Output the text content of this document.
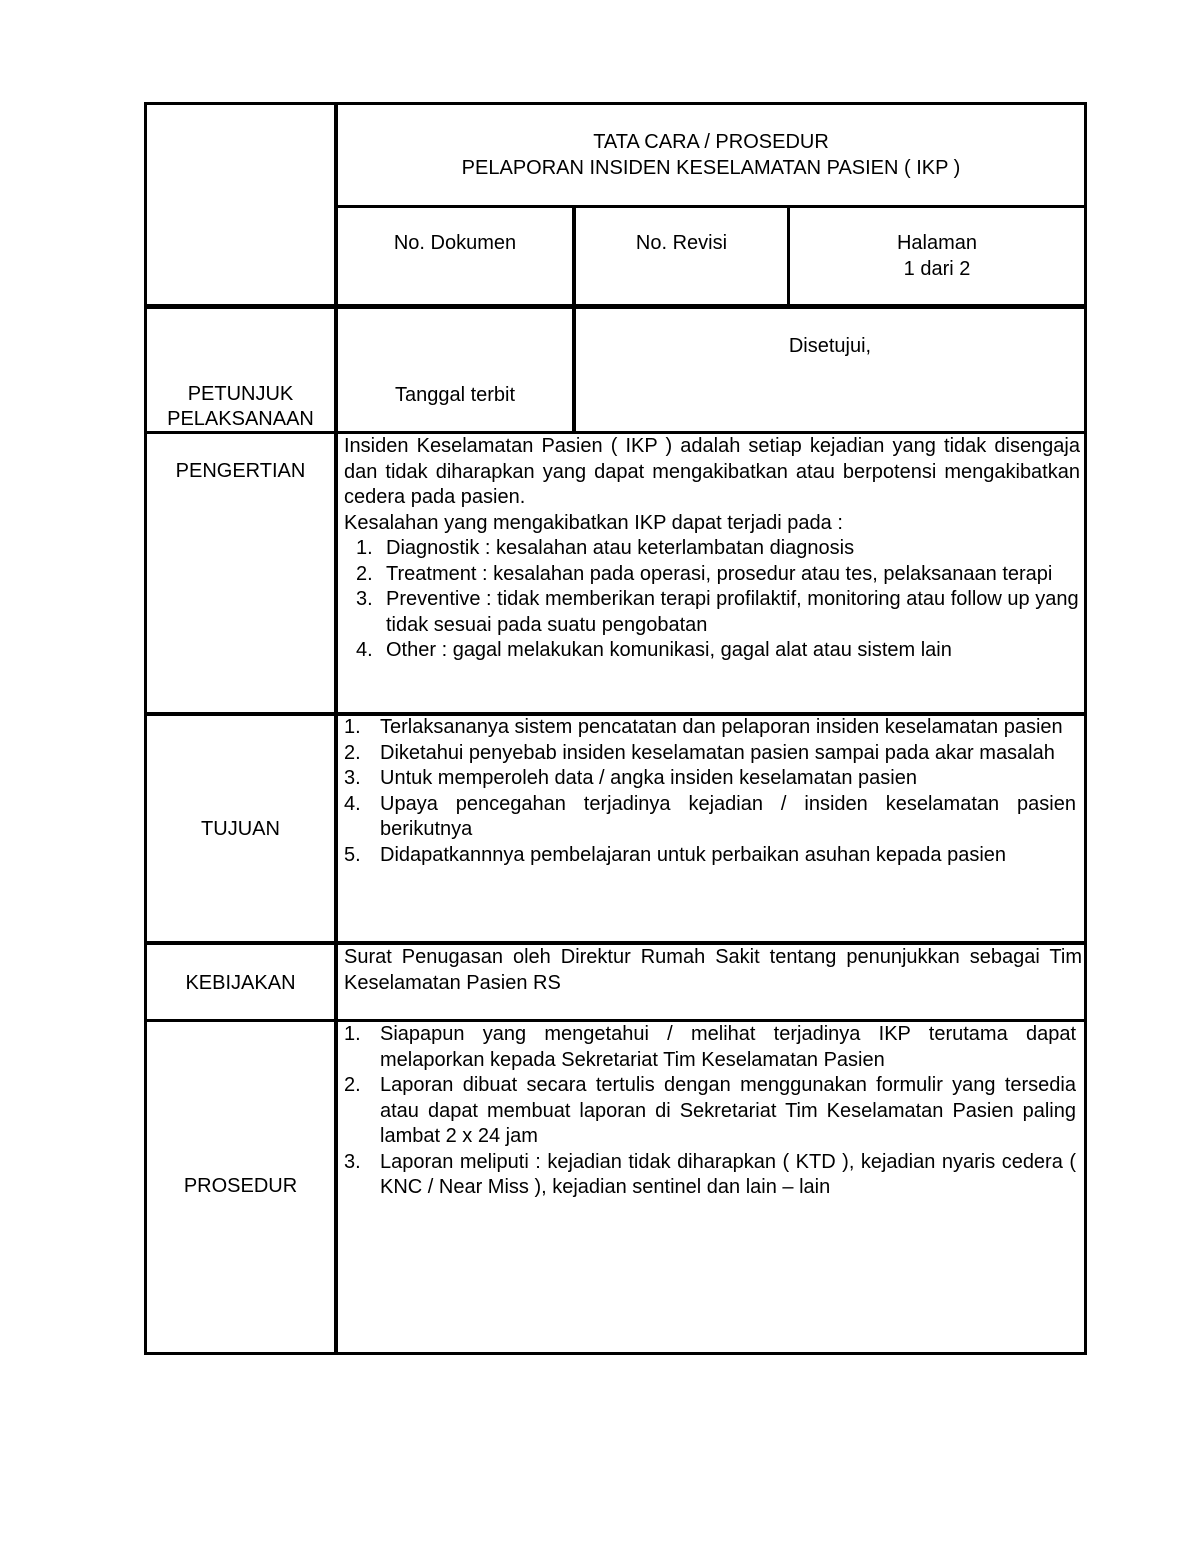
TATA CARA / PROSEDUR
PELAPORAN INSIDEN KESELAMATAN PASIEN ( IKP )
No. Dokumen	No. Revisi	Halaman
1 dari 2
PETUNJUK
PELAKSANAAN
Tanggal terbit
Disetujui,
PENGERTIAN

Insiden Keselamatan Pasien ( IKP ) adalah setiap kejadian yang tidak disengaja dan tidak diharapkan yang dapat mengakibatkan atau berpotensi mengakibatkan cedera pada pasien.

Kesalahan yang mengakibatkan IKP dapat terjadi pada :

1. Diagnostik : kesalahan atau keterlambatan diagnosis
2. Treatment : kesalahan pada operasi, prosedur atau tes, pelaksanaan terapi
3. Preventive : tidak memberikan terapi profilaktif, monitoring atau follow up yang tidak sesuai pada suatu pengobatan
4. Other : gagal melakukan komunikasi, gagal alat atau sistem lain
TUJUAN
1. Terlaksananya sistem pencatatan dan pelaporan insiden keselamatan pasien
2. Diketahui penyebab insiden keselamatan pasien sampai pada akar masalah
3. Untuk memperoleh data / angka insiden keselamatan pasien
4. Upaya pencegahan terjadinya kejadian / insiden keselamatan pasien berikutnya
5. Didapatkannnya pembelajaran untuk perbaikan asuhan kepada pasien
KEBIJAKAN

Surat Penugasan oleh Direktur Rumah Sakit tentang penunjukkan sebagai Tim Keselamatan Pasien RS

PROSEDUR
1. Siapapun yang mengetahui / melihat terjadinya IKP terutama dapat melaporkan kepada Sekretariat Tim Keselamatan Pasien
2. Laporan dibuat secara tertulis dengan menggunakan formulir yang tersedia atau dapat membuat laporan di Sekretariat Tim Keselamatan Pasien paling lambat 2 x 24 jam
3. Laporan meliputi : kejadian tidak diharapkan ( KTD ), kejadian nyaris cedera ( KNC / Near Miss ), kejadian sentinel dan lain – lain
